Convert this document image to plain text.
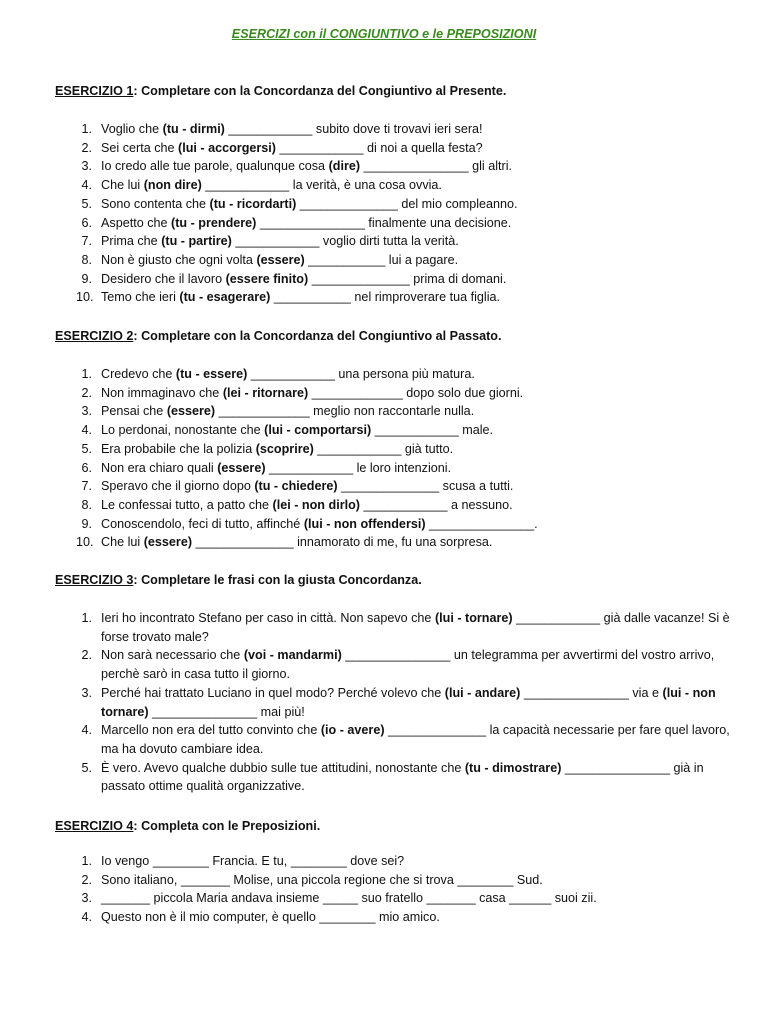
ESERCIZI con il CONGIUNTIVO e le PREPOSIZIONI
ESERCIZIO 1: Completare con la Concordanza del Congiuntivo al Presente.
1. Voglio che (tu - dirmi) ____________ subito dove ti trovavi ieri sera!
2. Sei certa che (lui - accorgersi) ____________ di noi a quella festa?
3. Io credo alle tue parole, qualunque cosa (dire) _______________ gli altri.
4. Che lui (non dire) ____________ la verità, è una cosa ovvia.
5. Sono contenta che (tu - ricordarti) ______________ del mio compleanno.
6. Aspetto che (tu - prendere) _______________ finalmente una decisione.
7. Prima che (tu - partire) ____________ voglio dirti tutta la verità.
8. Non è giusto che ogni volta (essere) ___________ lui a pagare.
9. Desidero che il lavoro (essere finito) ______________ prima di domani.
10. Temo che ieri (tu - esagerare) ___________ nel rimproverare tua figlia.
ESERCIZIO 2: Completare con la Concordanza del Congiuntivo al Passato.
1. Credevo che (tu - essere) ____________ una persona più matura.
2. Non immaginavo che (lei - ritornare) _____________ dopo solo due giorni.
3. Pensai che (essere) _____________ meglio non raccontarle nulla.
4. Lo perdonai, nonostante che (lui - comportarsi) ____________ male.
5. Era probabile che la polizia (scoprire) ____________ già tutto.
6. Non era chiaro quali (essere) ____________ le loro intenzioni.
7. Speravo che il giorno dopo (tu - chiedere) ______________ scusa a tutti.
8. Le confessai tutto, a patto che (lei - non dirlo) ____________ a nessuno.
9. Conoscendolo, feci di tutto, affinché (lui - non offendersi) _______________.
10. Che lui (essere) ______________ innamorato di me, fu una sorpresa.
ESERCIZIO 3: Completare le frasi con la giusta Concordanza.
1. Ieri ho incontrato Stefano per caso in città. Non sapevo che (lui - tornare) ____________ già dalle vacanze! Si è forse trovato male?
2. Non sarà necessario che (voi - mandarmi) _______________ un telegramma per avvertirmi del vostro arrivo, perchè sarò in casa tutto il giorno.
3. Perché hai trattato Luciano in quel modo? Perché volevo che (lui - andare) _______________ via e (lui - non tornare) _______________ mai più!
4. Marcello non era del tutto convinto che (io - avere) ______________ la capacità necessarie per fare quel lavoro, ma ha dovuto cambiare idea.
5. È vero. Avevo qualche dubbio sulle tue attitudini, nonostante che (tu - dimostrare) _______________ già in passato ottime qualità organizzative.
ESERCIZIO 4: Completa con le Preposizioni.
1. Io vengo ________ Francia. E tu, ________ dove sei?
2. Sono italiano, _______ Molise, una piccola regione che si trova ________ Sud.
3. _______ piccola Maria andava insieme _____ suo fratello _______ casa ______ suoi zii.
4. Questo non è il mio computer, è quello ________ mio amico.
